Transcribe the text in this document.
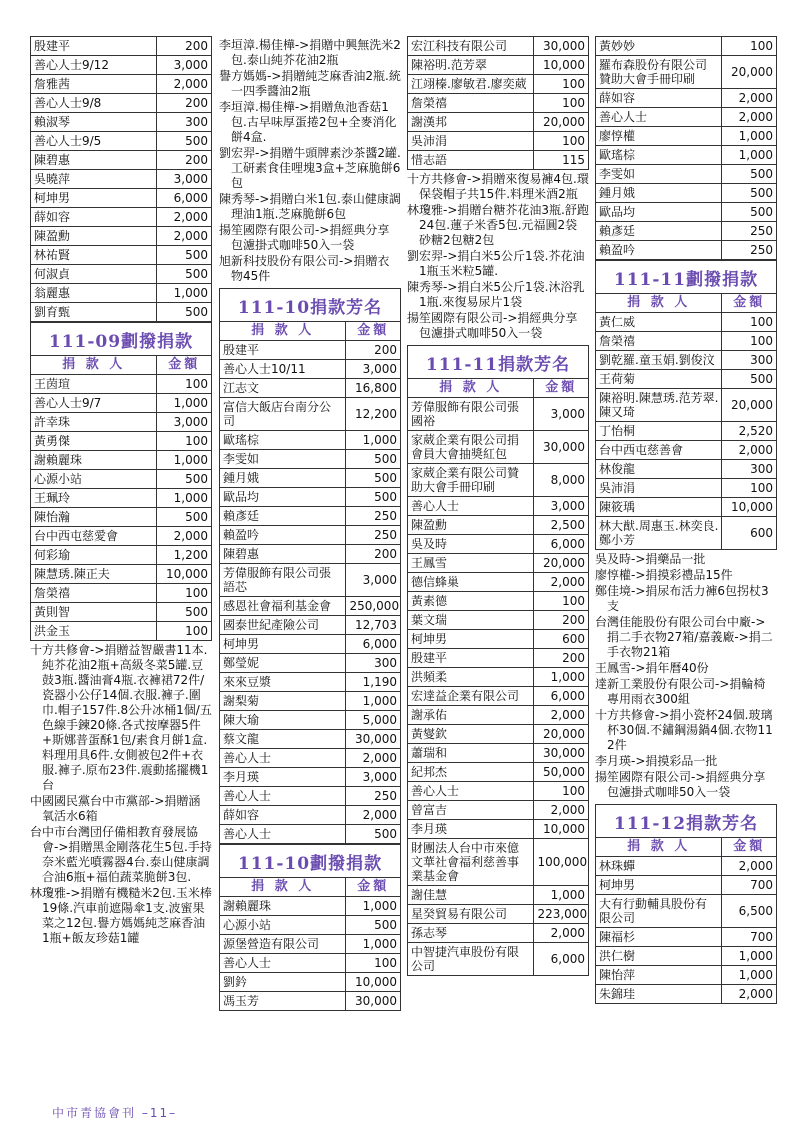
殷建平	200
善心人士9/12	3,000
詹雅茜	2,000
善心人士9/8	200
賴淑琴	300
善心人士9/5	500
陳碧惠	200
吳曉萍	3,000
柯坤男	6,000
薛如容	2,000
陳盈勳	2,000
林祐賢	500
何淑貞	500
翁麗惠	1,000
劉育甄	500
111-09劃撥捐款
捐 款 人	金額
王茵瑄	100
善心人士9/7	1,000
許幸珠	3,000
黃勇傑	100
謝賴麗珠	1,000
心源小站	500
王珮玲	1,000
陳怡瀚	500
台中西屯慈愛會	2,000
何彩瑜	1,200
陳慧琇.陳正夫	10,000
詹榮禧	100
黃則智	500
洪金玉	100
十方共修會->捐贈益智嚴書11本.純芥花油2瓶+高級冬菜5罐.豆鼓3瓶.醬油膏4瓶.衣褲裙72件/瓷器小公仔14個.衣服.褲子.圍巾.帽子157件.8公升冰桶1個/五色線手鍊20條.各式按摩器5件+斯娜普蛋酥1包/素食月餅1盒.料理用具6件.女側被包2件+衣服.褲子.原布23件.震動搖擺機1台
中國國民黨台中市黨部->捐贈涵氧活水6箱
台中市台灣団仔備相教育發展協會->捐贈黑金剛落花生5包.手持奈米藍光噴霧器4台.泰山健康調合油6瓶+福伯蔬菜脆餅3包.
林瓊雅->捐贈有機糙米2包.玉米棒19條.汽車前遮陽傘1支.波蜜果菜之12包.譽方媽媽純芝麻香油1瓶+飯友珍菇1罐
李垣漳.楊佳樺->捐贈中興無洗米2包.泰山純芥花油2瓶
譽方媽媽->捐贈純芝麻香油2瓶.統一四季醬油2瓶
李垣漳.楊佳樺->捐贈魚池香菇1包.古早味厚蛋捲2包+全麥消化餅4盒.
劉宏羿->捐贈牛頭牌素沙茶醬2罐.工研素食佳哩塊3盒+芝麻脆餅6包
陳秀琴->捐贈白米1包.泰山健康調理油1瓶.芝麻脆餅6包
揚笙國際有限公司->捐經典分享包濾掛式咖啡50入一袋
旭新科技股份有限公司->捐贈衣物45件
111-10捐款芳名
捐 款 人	金額
殷建平	200
善心人士10/11	3,000
江志文	16,800
富信大飯店台南分公司	12,200
歐瑤棕	1,000
李雯如	500
鍾月娥	500
歐品均	500
賴彥廷	250
賴盈吟	250
陳碧惠	200
芳偉服飾有限公司張語芯	3,000
感恩社會福利基金會	250,000
國泰世紀產險公司	12,703
柯坤男	6,000
鄭瑩妮	300
來來豆漿	1,190
謝梨菊	1,000
陳大瑜	5,000
蔡文龍	30,000
善心人士	2,000
李月瑛	3,000
善心人士	250
薛如容	2,000
善心人士	500
111-10劃撥捐款
捐 款 人	金額
謝賴麗珠	1,000
心源小站	500
源堡營造有限公司	1,000
善心人士	100
劉鈐	10,000
馮玉芳	30,000
宏江科技有限公司	30,000
陳裕明.范芳翠	10,000
江翊榛.廖敏君.廖奕葳	100
詹榮禧	100
謝漢邦	20,000
吳沛涓	100
惜志語	115
十方共修會->捐贈來復易褲4包.環保袋帽子共15件.料理米酒2瓶
林瓊雅->捐贈台糖芥花油3瓶.舒跑24包.蓮子米香5包.元福圓2袋砂糖2包糖2包
劉宏羿->捐白米5公斤1袋.芥花油1瓶玉米粒5罐.
陳秀琴->捐白米5公斤1袋.沐浴乳1瓶.來復易尿片1袋
揚笙國際有限公司->捐經典分享包濾掛式咖啡50入一袋
111-11捐款芳名
捐 款 人	金額
芳偉服飾有限公司張國裕	3,000
家葳企業有限公司捐會員大會抽獎紅包	30,000
家葳企業有限公司贊助大會手冊印刷	8,000
善心人士	3,000
陳盈勳	2,500
吳及時	6,000
王鳳雪	20,000
德信蜂巢	2,000
黃素德	100
葉文瑞	200
柯坤男	600
殷建平	200
洪頻柔	1,000
宏達益企業有限公司	6,000
謝承佑	2,000
黃燮欽	20,000
蕭瑞和	30,000
紀邦杰	50,000
善心人士	100
曾富吉	2,000
李月瑛	10,000
財團法人台中市來億文華社會福利慈善事業基金會	100,000
謝佳慧	1,000
星癸貿易有限公司	223,000
孫志琴	2,000
中智捷汽車股份有限公司	6,000
黃妙妙	100
羅布森股份有限公司贊助大會手冊印刷	20,000
薛如容	2,000
善心人士	2,000
廖惇權	1,000
歐瑤棕	1,000
李雯如	500
鍾月娥	500
歐品均	500
賴彥廷	250
賴盈吟	250
111-11劃撥捐款
捐 款 人	金額
黃仁威	100
詹榮禧	100
劉乾羅.童玉娟.劉俊汶	300
王荷菊	500
陳裕明.陳慧琇.范芳翠.陳又琦	20,000
丁怡桐	2,520
台中西屯慈善會	2,000
林俊龍	300
吳沛涓	100
陳筱瑀	10,000
林大猷.周惠玉.林奕良.鄭小芳	600
吳及時->捐藥品一批
廖惇權->捐摸彩禮品15件
鄭佳境->捐尿布活力褲6包拐杖3支
台灣佳能股份有限公司台中廠->捐二手衣物27箱/嘉義廠->捐二手衣物21箱
王鳳雪->捐年曆40份
達新工業股份有限公司->捐輪椅專用雨衣300組
十方共修會->捐小瓷杯24個.玻璃杯30個.不鏽鋼湯鍋4個.衣物112件
李月瑛->捐摸彩品一批
揚笙國際有限公司->捐經典分享包濾掛式咖啡50入一袋
111-12捐款芳名
捐 款 人	金額
林珠蟬	2,000
柯坤男	700
大有行動輔具股份有限公司	6,500
陳福杉	700
洪仁樹	1,000
陳怡萍	1,000
朱錦珪	2,000
中市青協會刊 –11–
